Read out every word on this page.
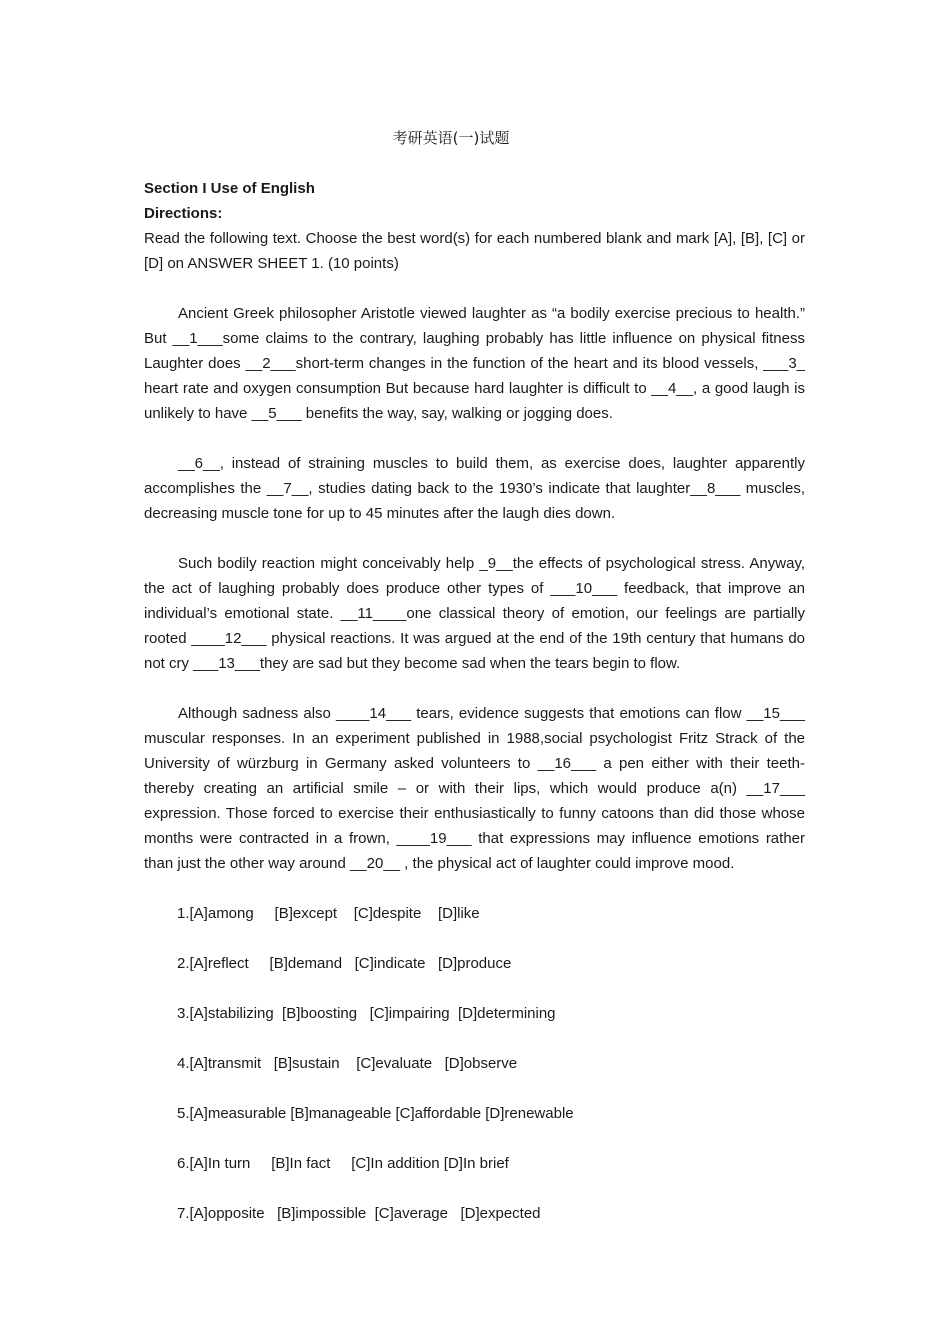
考研英语(一)试题
Section I Use of English
Directions:
Read the following text. Choose the best word(s) for each numbered blank and mark [A], [B], [C] or [D] on ANSWER SHEET 1. (10 points)
Ancient Greek philosopher Aristotle viewed laughter as “a bodily exercise precious to health.” But __1___some claims to the contrary, laughing probably has little influence on physical fitness Laughter does __2___short-term changes in the function of the heart and its blood vessels, ___3_ heart rate and oxygen consumption But because hard laughter is difficult to __4__, a good laugh is unlikely to have __5___ benefits the way, say, walking or jogging does.
__6__, instead of straining muscles to build them, as exercise does, laughter apparently accomplishes the __7__, studies dating back to the 1930’s indicate that laughter__8___ muscles, decreasing muscle tone for up to 45 minutes after the laugh dies down.
Such bodily reaction might conceivably help _9__the effects of psychological stress. Anyway, the act of laughing probably does produce other types of ___10___ feedback, that improve an individual’s emotional state. __11____one classical theory of emotion, our feelings are partially rooted ____12___ physical reactions. It was argued at the end of the 19th century that humans do not cry ___13___they are sad but they become sad when the tears begin to flow.
Although sadness also ____14___ tears, evidence suggests that emotions can flow __15___ muscular responses. In an experiment published in 1988,social psychologist Fritz Strack of the University of würzburg in Germany asked volunteers to __16___ a pen either with their teeth-thereby creating an artificial smile – or with their lips, which would produce a(n) __17___ expression. Those forced to exercise their enthusiastically to funny catoons than did those whose months were contracted in a frown, ____19___ that expressions may influence emotions rather than just the other way around __20__ , the physical act of laughter could improve mood.
1.[A]among     [B]except    [C]despite    [D]like
2.[A]reflect     [B]demand   [C]indicate   [D]produce
3.[A]stabilizing  [B]boosting   [C]impairing  [D]determining
4.[A]transmit   [B]sustain    [C]evaluate   [D]observe
5.[A]measurable [B]manageable [C]affordable [D]renewable
6.[A]In turn     [B]In fact     [C]In addition [D]In brief
7.[A]opposite   [B]impossible  [C]average   [D]expected
